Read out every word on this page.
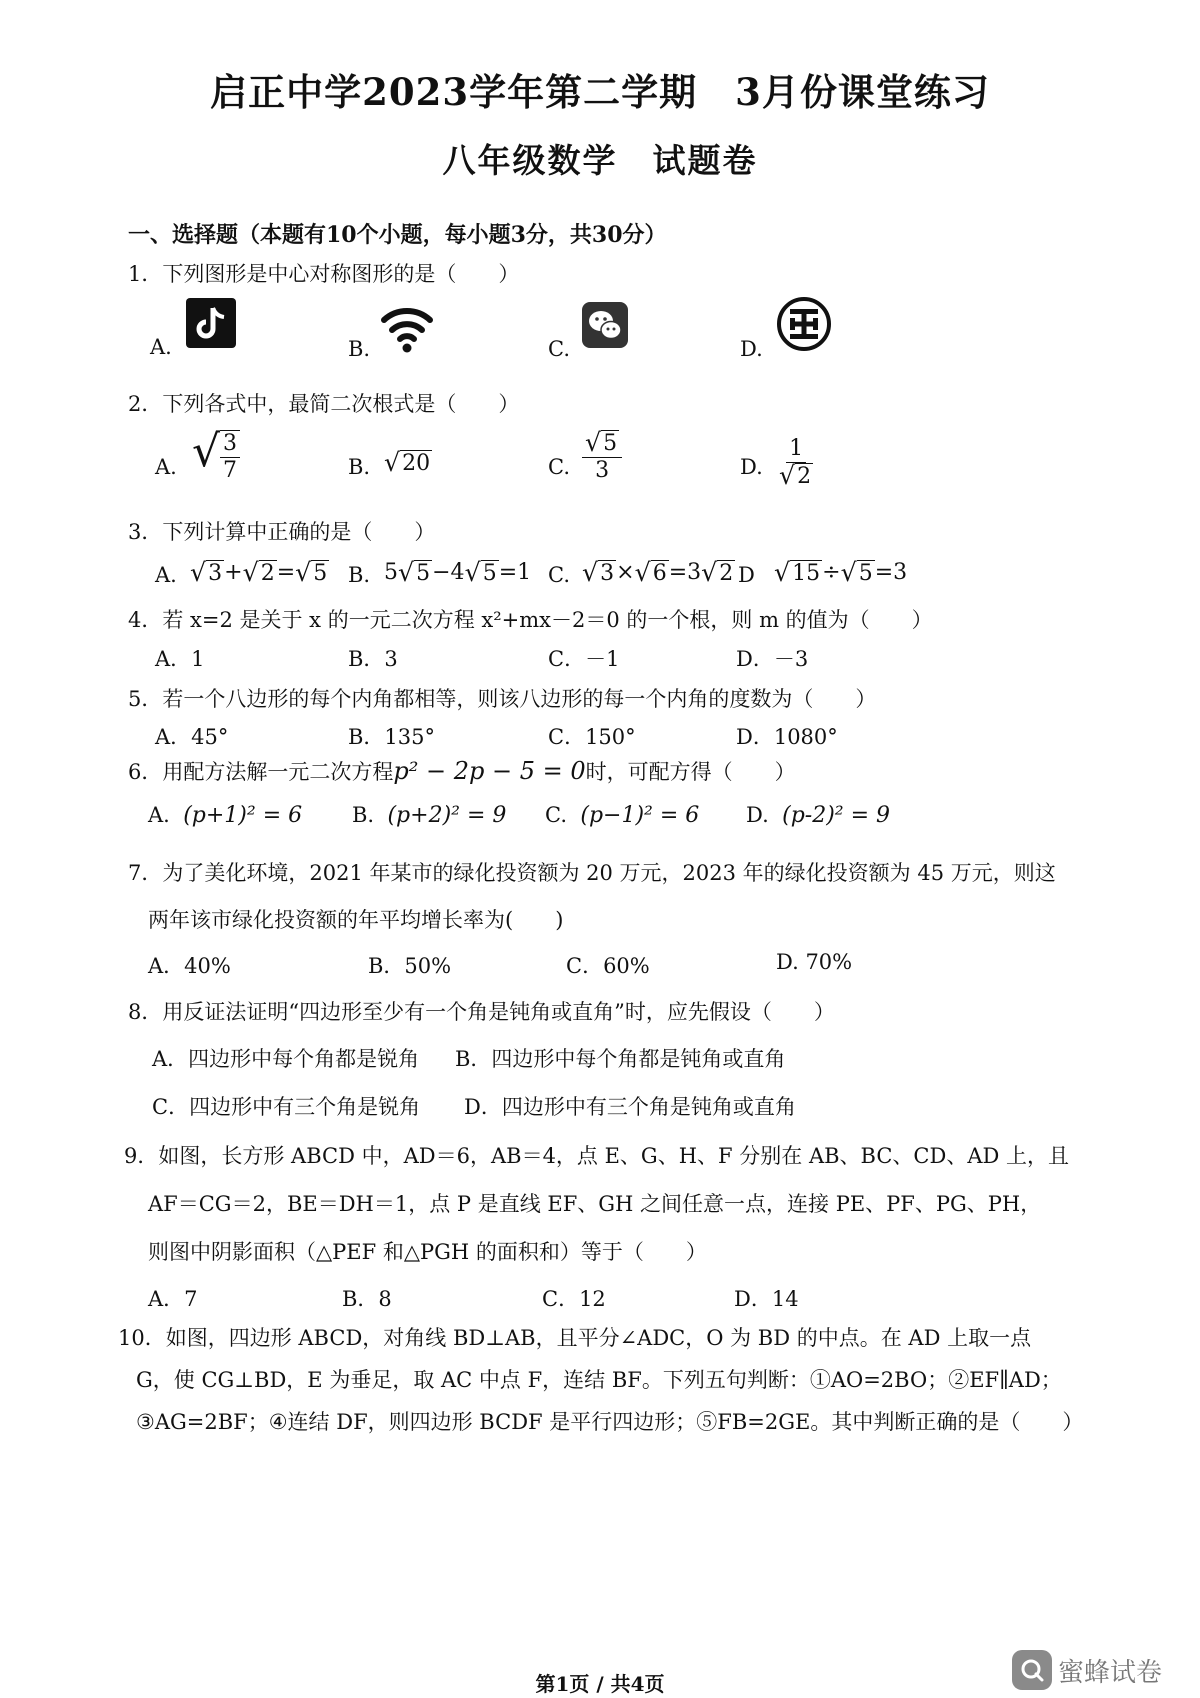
启正中学2023学年第二学期　3月份课堂练习
八年级数学　试题卷
一、选择题（本题有10个小题，每小题3分，共30分）
1．下列图形是中心对称图形的是（　　）
A.	B.	C.	D.
2．下列各式中，最简二次根式是（　　）
A. √ $\frac{3}{7}$	B. √ 20	C. $\frac{√ 5}{3}$	D. $\frac{1}{√ 2}$
3．下列计算中正确的是（　　）
A. √ 3 + √ 2 = √ 5 B. 5 √ 5 −4 √ 5 =1 C. √ 3 × √ 6 =3 √ 2 D √ 15 ÷ √ 5 =3
4．若 x=2 是关于 x 的一元二次方程 x²+mx－2＝0 的一个根，则 m 的值为（　　）
A．1	B．3	C．－1	D．－3
5．若一个八边形的每个内角都相等，则该八边形的每一个内角的度数为（　　）
A．45°	B．135°	C．150°	D．1080°
6．用配方法解一元二次方程p² − 2p − 5 = 0时，可配方得（　　）
A. (p+1)² = 6 B. (p+2)² = 9 C. (p−1)² = 6 D. (p-2)² = 9
7．为了美化环境，2021 年某市的绿化投资额为 20 万元，2023 年的绿化投资额为 45 万元，则这
两年该市绿化投资额的年平均增长率为(　　)
A．40%	B．50%	C．60%	D. 70%
8．用反证法证明“四边形至少有一个角是钝角或直角”时，应先假设（　　）
A．四边形中每个角都是锐角 B．四边形中每个角都是钝角或直角
C．四边形中有三个角是锐角 D．四边形中有三个角是钝角或直角
9．如图，长方形 ABCD 中，AD＝6，AB＝4，点 E、G、H、F 分别在 AB、BC、CD、AD 上，且
AF＝CG＝2，BE＝DH＝1，点 P 是直线 EF、GH 之间任意一点，连接 PE、PF、PG、PH，
则图中阴影面积（△PEF 和△PGH 的面积和）等于（　　）
A．7	B．8	C．12	D．14
10．如图，四边形 ABCD，对角线 BD⊥AB，且平分∠ADC，O 为 BD 的中点。在 AD 上取一点
G，使 CG⊥BD，E 为垂足，取 AC 中点 F，连结 BF。下列五句判断：①AO=2BO；②EF∥AD；
③AG=2BF；④连结 DF，则四边形 BCDF 是平行四边形；⑤FB=2GE。其中判断正确的是（　　）
第1页 / 共4页	蜜蜂试卷
